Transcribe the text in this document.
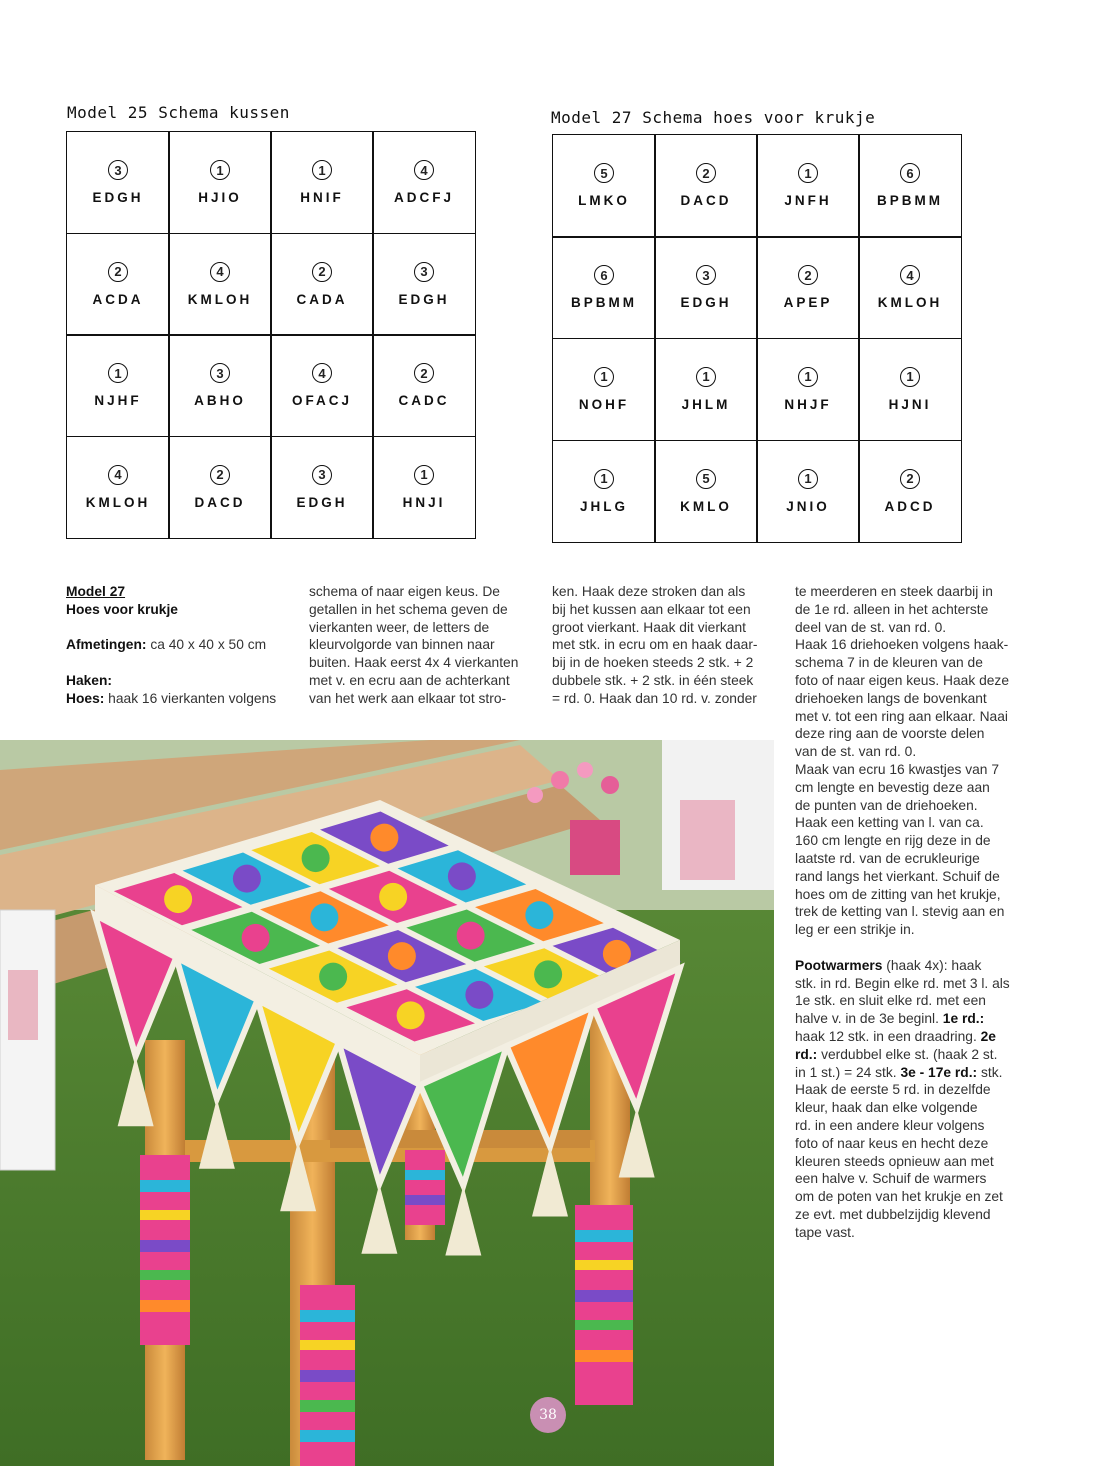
Model 25 Schema kussen
3
EDGH
1
HJIO
1
HNIF
4
ADCFJ
2
ACDA
4
KMLOH
2
CADA
3
EDGH
1
NJHF
3
ABHO
4
OFACJ
2
CADC
4
KMLOH
2
DACD
3
EDGH
1
HNJI
Model 27 Schema hoes voor krukje
5
LMKO
2
DACD
1
JNFH
6
BPBMM
6
BPBMM
3
EDGH
2
APEP
4
KMLOH
1
NOHF
1
JHLM
1
NHJF
1
HJNI
1
JHLG
5
KMLO
1
JNIO
2
ADCD

Model 27

Hoes voor krukje

Afmetingen: ca 40 x 40 x 50 cm

Haken:

Hoes: haak 16 vierkanten volgens

schema of naar eigen keus. De

getallen in het schema geven de

vierkanten weer, de letters de

kleurvolgorde van binnen naar

buiten. Haak eerst 4x 4 vierkanten

met v. en ecru aan de achterkant

van het werk aan elkaar tot stro-

ken. Haak deze stroken dan als

bij het kussen aan elkaar tot een

groot vierkant. Haak dit vierkant

met stk. in ecru om en haak daar-

bij in de hoeken steeds 2 stk. + 2

dubbele stk. + 2 stk. in één steek

= rd. 0. Haak dan 10 rd. v. zonder

te meerderen en steek daarbij in

de 1e rd. alleen in het achterste

deel van de st. van rd. 0.

Haak 16 driehoeken volgens haak-

schema 7 in de kleuren van de

foto of naar eigen keus. Haak deze

driehoeken langs de bovenkant

met v. tot een ring aan elkaar. Naai

deze ring aan de voorste delen

van de st. van rd. 0.

Maak van ecru 16 kwastjes van 7

cm lengte en bevestig deze aan

de punten van de driehoeken.

Haak een ketting van l. van ca.

160 cm lengte en rijg deze in de

laatste rd. van de ecrukleurige

rand langs het vierkant. Schuif de

hoes om de zitting van het krukje,

trek de ketting van l. stevig aan en

leg er een strikje in.

Pootwarmers (haak 4x): haak

stk. in rd. Begin elke rd. met 3 l. als

1e stk. en sluit elke rd. met een

halve v. in de 3e beginl. 1e rd.:

haak 12 stk. in een draadring. 2e

rd.: verdubbel elke st. (haak 2 st.

in 1 st.) = 24 stk. 3e - 17e rd.: stk.

Haak de eerste 5 rd. in dezelfde

kleur, haak dan elke volgende

rd. in een andere kleur volgens

foto of naar keus en hecht deze

kleuren steeds opnieuw aan met

een halve v. Schuif de warmers

om de poten van het krukje en zet

ze evt. met dubbelzijdig klevend

tape vast.

38
